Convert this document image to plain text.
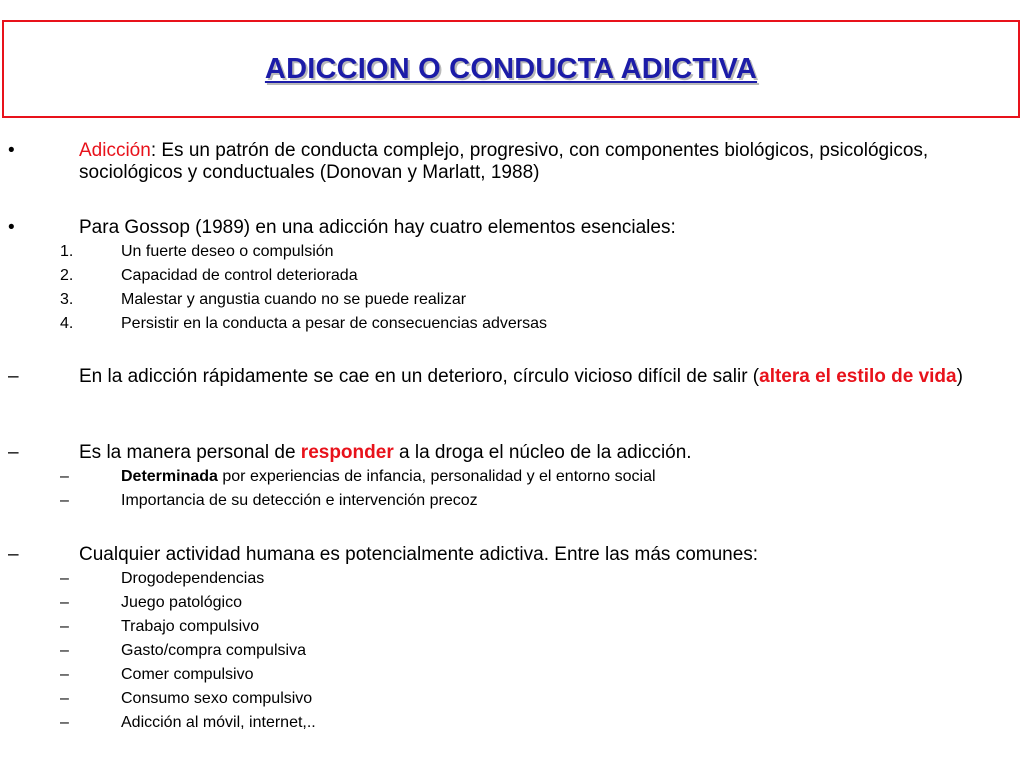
ADICCION O CONDUCTA ADICTIVA
•	Adicción: Es un patrón de conducta complejo, progresivo, con componentes biológicos, psicológicos, sociológicos y conductuales (Donovan y Marlatt, 1988)
•	Para Gossop (1989) en una adicción hay cuatro elementos esenciales:
1.	Un fuerte deseo o compulsión
2.	Capacidad de control deteriorada
3.	Malestar y angustia cuando no se puede realizar
4.	Persistir en la conducta a pesar de consecuencias adversas
–	En la adicción rápidamente se cae en un deterioro, círculo vicioso difícil de salir (altera el estilo de vida)
–	Es la manera personal de responder a la droga el núcleo de la adicción.
–	Determinada por experiencias de infancia, personalidad y el entorno social
–	Importancia de su detección e intervención precoz
–	Cualquier actividad humana es potencialmente adictiva. Entre las más comunes:
–	Drogodependencias
–	Juego patológico
–	Trabajo compulsivo
–	Gasto/compra compulsiva
–	Comer compulsivo
–	Consumo sexo compulsivo
–	Adicción al móvil, internet,..
